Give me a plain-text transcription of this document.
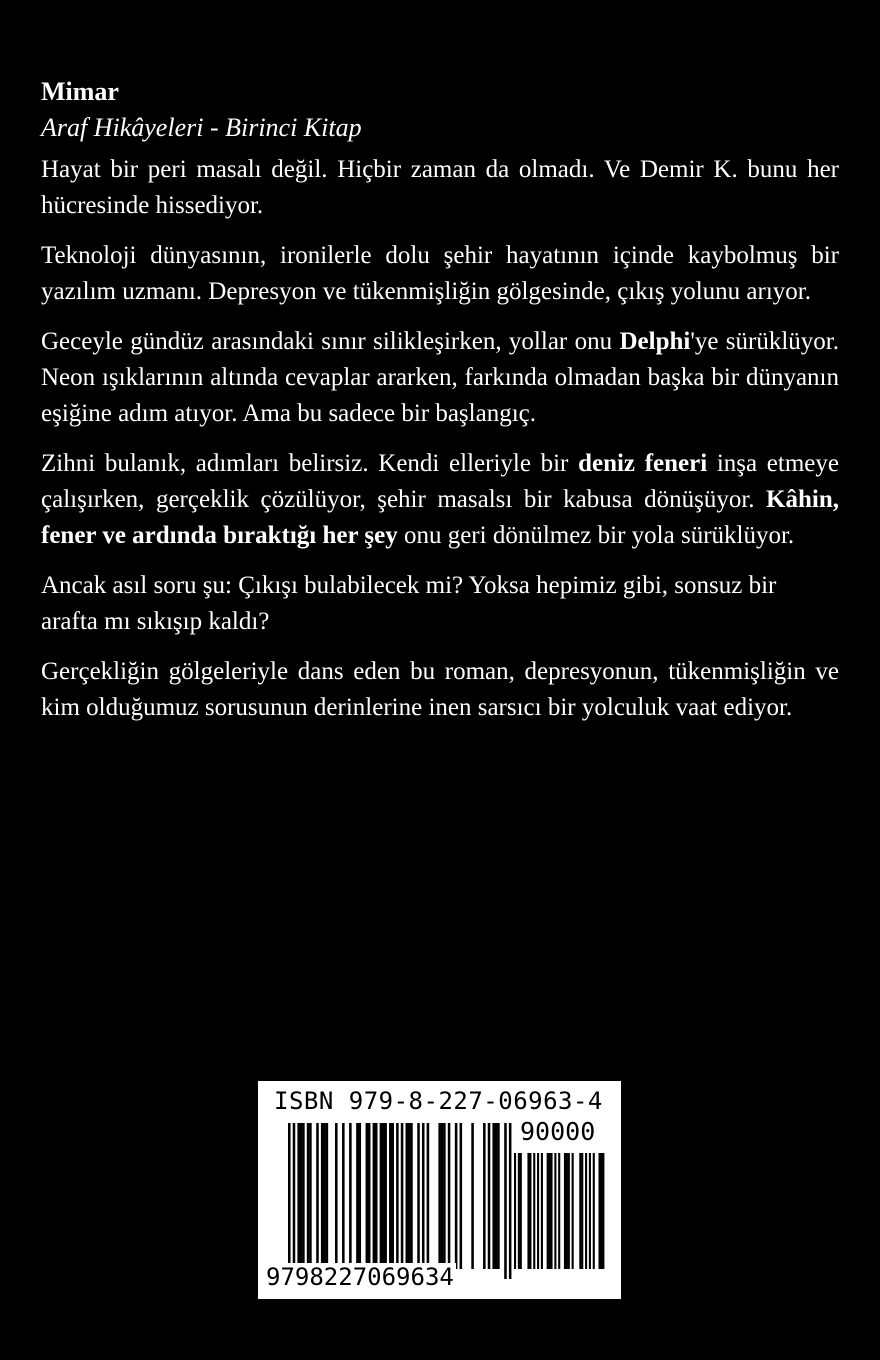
Mimar

Araf Hikâyeleri - Birinci Kitap

Hayat bir peri masalı değil. Hiçbir zaman da olmadı. Ve Demir K. bunu her hücresinde hissediyor.

Teknoloji dünyasının, ironilerle dolu şehir hayatının içinde kaybolmuş bir yazılım uzmanı. Depresyon ve tükenmişliğin gölgesinde, çıkış yolunu arıyor.

Geceyle gündüz arasındaki sınır silikleşirken, yollar onu Delphi'ye sürüklüyor. Neon ışıklarının altında cevaplar ararken, farkında olmadan başka bir dünyanın eşiğine adım atıyor. Ama bu sadece bir başlangıç.

Zihni bulanık, adımları belirsiz. Kendi elleriyle bir deniz feneri inşa etmeye çalışırken, gerçeklik çözülüyor, şehir masalsı bir kabusa dönüşüyor. Kâhin, fener ve ardında bıraktığı her şey onu geri dönülmez bir yola sürüklüyor.

Ancak asıl soru şu: Çıkışı bulabilecek mi? Yoksa hepimiz gibi, sonsuz bir arafta mı sıkışıp kaldı?

Gerçekliğin gölgeleriyle dans eden bu roman, depresyonun, tükenmişliğin ve kim olduğumuz sorusunun derinlerine inen sarsıcı bir yolculuk vaat ediyor.

ISBN 979-8-227-06963-4
90000
9798227069634
